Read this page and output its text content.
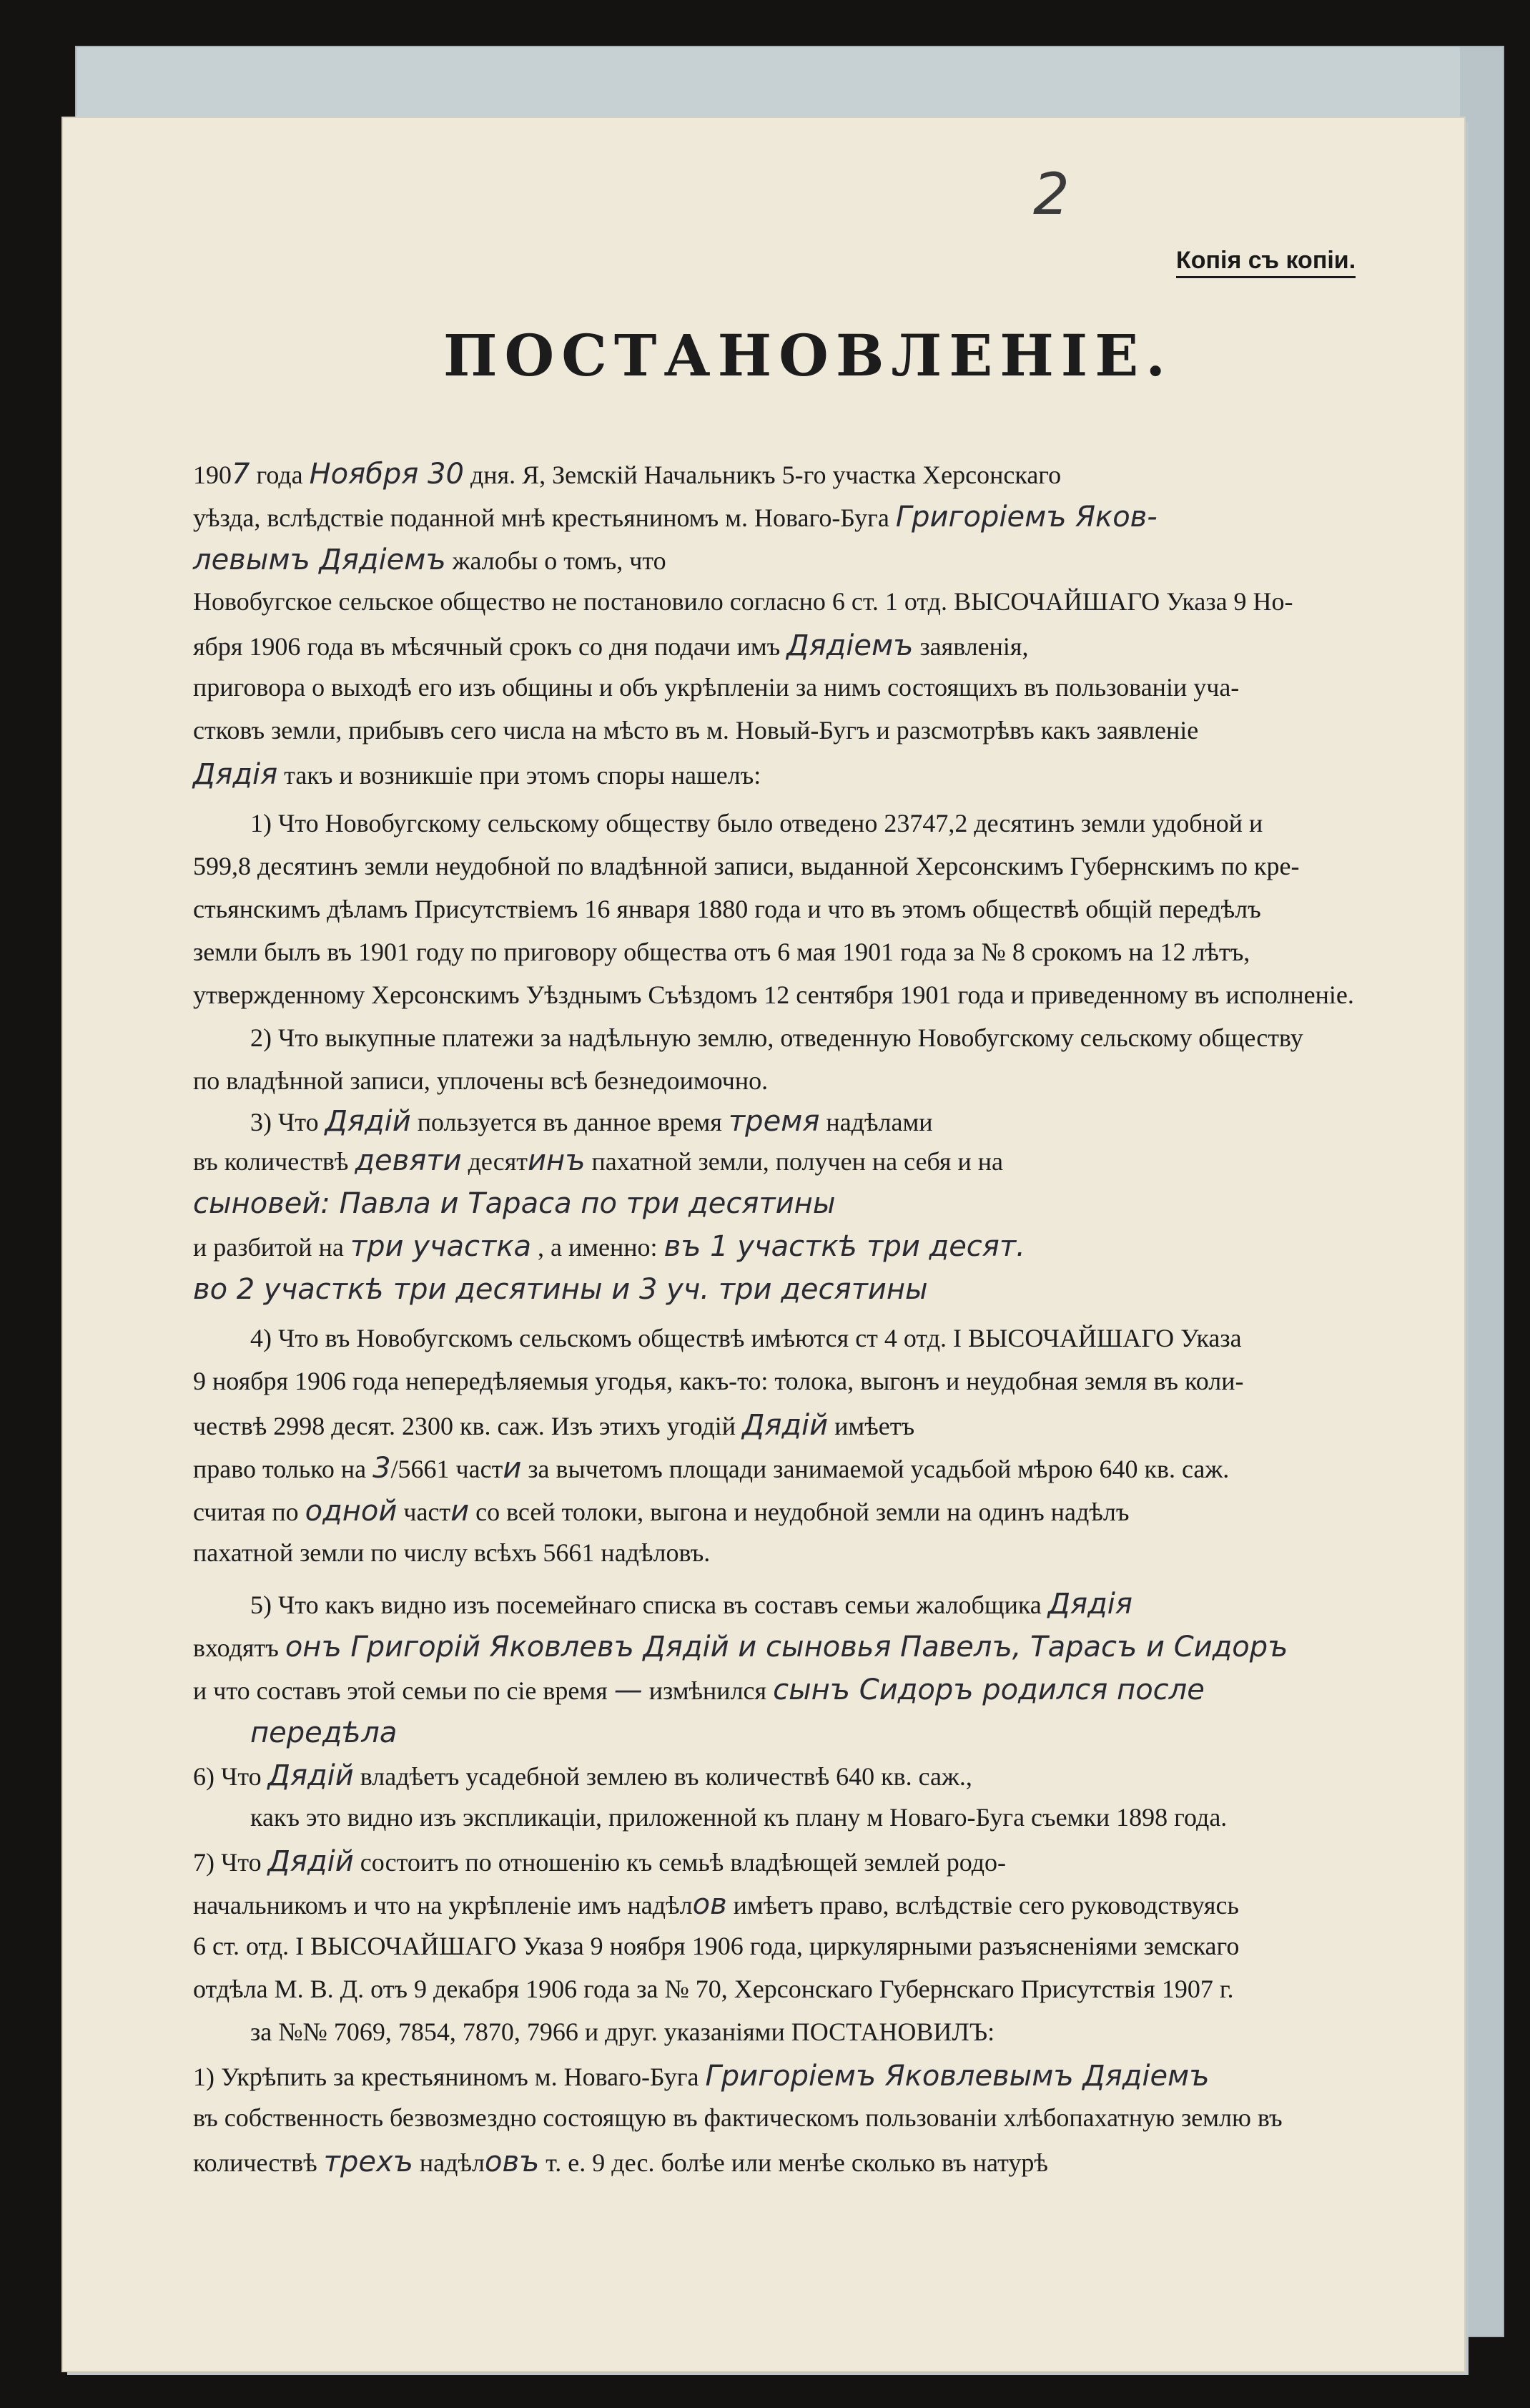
2
Копія съ копіи.
ПОСТАНОВЛЕНІЕ.
1907 года Ноября 30 дня. Я, Земскій Начальникъ 5-го участка Херсонскаго
уѣзда, вслѣдствіе поданной мнѣ крестьяниномъ м. Новаго-Буга Григоріемъ Яков-
левымъ Дядіемъ жалобы о томъ, что
Новобугское сельское общество не постановило согласно 6 ст. 1 отд. ВЫСОЧАЙШАГО Указа 9 Но-
ября 1906 года въ мѣсячный срокъ со дня подачи имъ Дядіемъ заявленія,
приговора о выходѣ его изъ общины и объ укрѣпленіи за нимъ состоящихъ въ пользованіи уча-
стковъ земли, прибывъ сего числа на мѣсто въ м. Новый-Бугъ и разсмотрѣвъ какъ заявленіе
Дядія такъ и возникшіе при этомъ споры нашелъ:
1) Что Новобугскому сельскому обществу было отведено 23747,2 десятинъ земли удобной и
599,8 десятинъ земли неудобной по владѣнной записи, выданной Херсонскимъ Губернскимъ по кре-
стьянскимъ дѣламъ Присутствіемъ 16 января 1880 года и что въ этомъ обществѣ общій передѣлъ
земли былъ въ 1901 году по приговору общества отъ 6 мая 1901 года за № 8 срокомъ на 12 лѣтъ,
утвержденному Херсонскимъ Уѣзднымъ Съѣздомъ 12 сентября 1901 года и приведенному въ исполненіе.
2) Что выкупные платежи за надѣльную землю, отведенную Новобугскому сельскому обществу
по владѣнной записи, уплочены всѣ безнедоимочно.
3) Что Дядій пользуется въ данное время тремя надѣлами
въ количествѣ девяти десятинъ пахатной земли, получен на себя и на
сыновей: Павла и Тараса по три десятины
и разбитой на три участка , а именно: въ 1 участкѣ три десят.
во 2 участкѣ три десятины и 3 уч. три десятины
4) Что въ Новобугскомъ сельскомъ обществѣ имѣются ст 4 отд. I ВЫСОЧАЙШАГО Указа
9 ноября 1906 года непередѣляемыя угодья, какъ-то: толока, выгонъ и неудобная земля въ коли-
чествѣ 2998 десят. 2300 кв. саж. Изъ этихъ угодій Дядій имѣетъ
право только на 3/5661 части за вычетомъ площади занимаемой усадьбой мѣрою 640 кв. саж.
считая по одной части со всей толоки, выгона и неудобной земли на одинъ надѣлъ
пахатной земли по числу всѣхъ 5661 надѣловъ.
5) Что какъ видно изъ посемейнаго списка въ составъ семьи жалобщика Дядія
входятъ онъ Григорій Яковлевъ Дядій и сыновья Павелъ, Тарасъ и Сидоръ
и что составъ этой семьи по сіе время — измѣнился сынъ Сидоръ родился после
передѣла
6) Что Дядій владѣетъ усадебной землею въ количествѣ 640 кв. саж.,
какъ это видно изъ экспликаціи, приложенной къ плану м Новаго-Буга съемки 1898 года.
7) Что Дядій состоитъ по отношенію къ семьѣ владѣющей землей родо-
начальникомъ и что на укрѣпленіе имъ надѣлов имѣетъ право, вслѣдствіе сего руководствуясь
6 ст. отд. I ВЫСОЧАЙШАГО Указа 9 ноября 1906 года, циркулярными разъясненіями земскаго
отдѣла М. В. Д. отъ 9 декабря 1906 года за № 70, Херсонскаго Губернскаго Присутствія 1907 г.
за №№ 7069, 7854, 7870, 7966 и друг. указаніями ПОСТАНОВИЛЪ:
1) Укрѣпить за крестьяниномъ м. Новаго-Буга Григоріемъ Яковлевымъ Дядіемъ
въ собственность безвозмездно состоящую въ фактическомъ пользованіи хлѣбопахатную землю въ
количествѣ трехъ надѣловъ т. е. 9 дес. болѣе или менѣе сколько въ натурѣ
